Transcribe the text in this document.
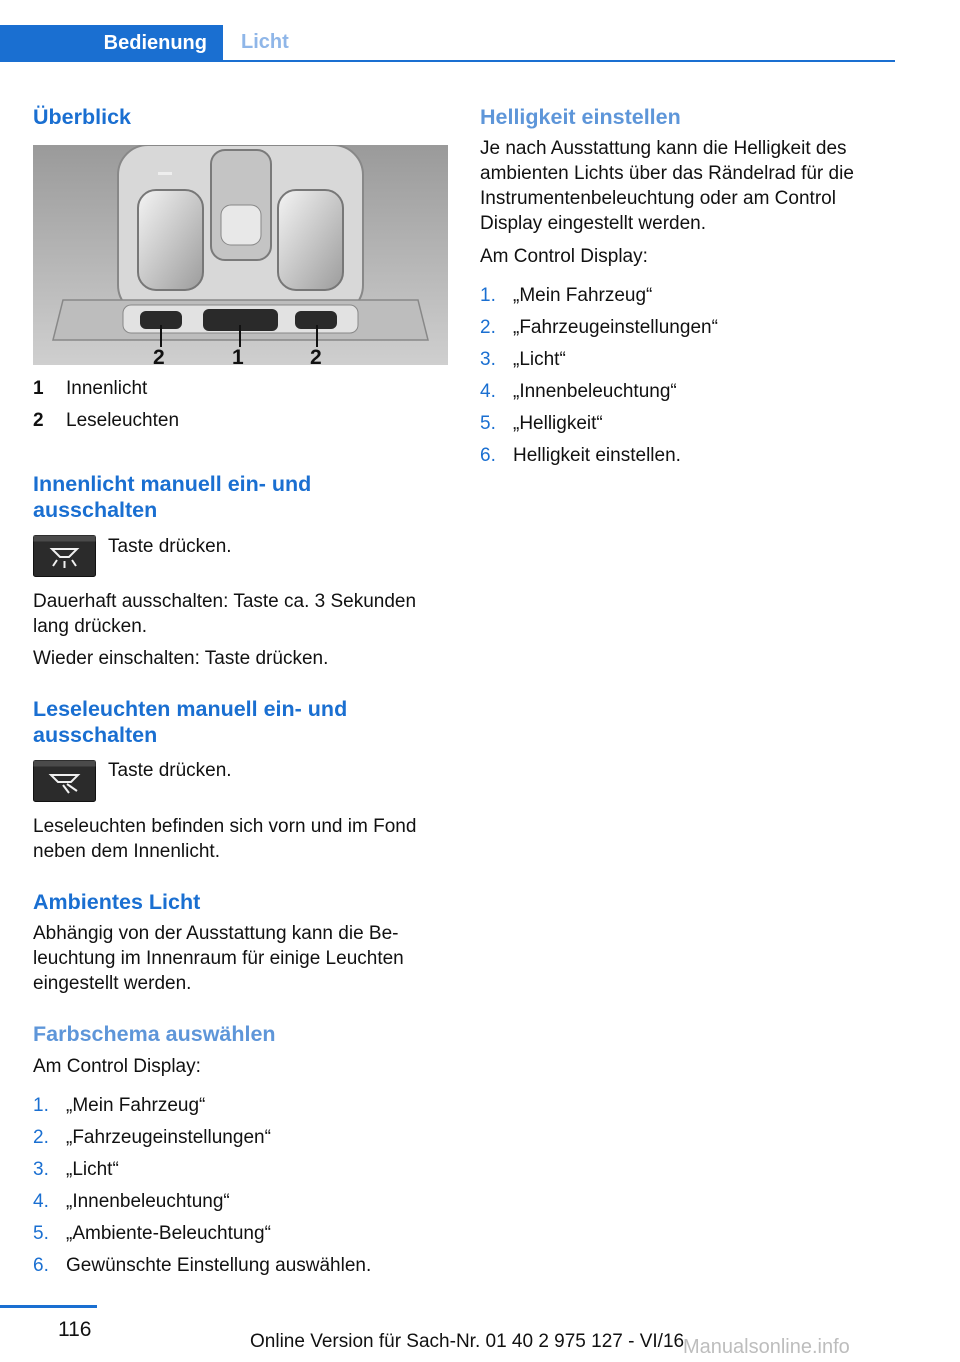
Bedienung	Licht
Überblick
2	1	2
1 Innenlicht
2 Leseleuchten
Innenlicht manuell ein- und ausschalten

Taste drücken.

Dauerhaft ausschalten: Taste ca. 3 Sekunden lang drücken.

Wieder einschalten: Taste drücken.

Leseleuchten manuell ein- und ausschalten

Taste drücken.

Leseleuchten befinden sich vorn und im Fond neben dem Innenlicht.

Ambientes Licht

Abhängig von der Ausstattung kann die Be‐ leuchtung im Innenraum für einige Leuchten eingestellt werden.

Farbschema auswählen

Am Control Display:

1. „Mein Fahrzeug“
2. „Fahrzeugeinstellungen“
3. „Licht“
4. „Innenbeleuchtung“
5. „Ambiente-Beleuchtung“
6. Gewünschte Einstellung auswählen.
Helligkeit einstellen

Je nach Ausstattung kann die Helligkeit des ambienten Lichts über das Rändelrad für die Instrumentenbeleuchtung oder am Control Display eingestellt werden.

Am Control Display:

1. „Mein Fahrzeug“
2. „Fahrzeugeinstellungen“
3. „Licht“
4. „Innenbeleuchtung“
5. „Helligkeit“
6. Helligkeit einstellen.
116
Online Version für Sach-Nr. 01 40 2 975 127 - VI/16
Manualsonline.info
